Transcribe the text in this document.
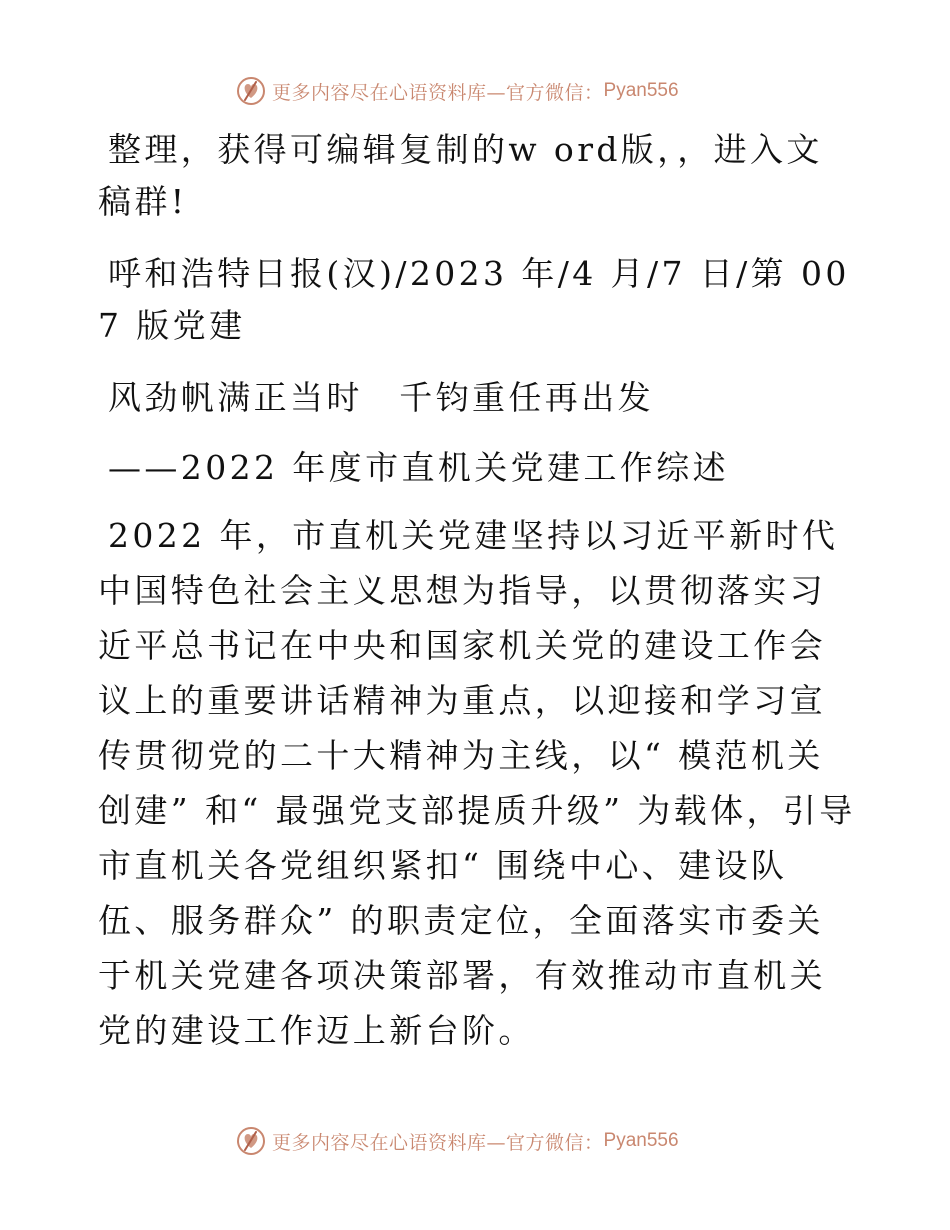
更多内容尽在心语资料库—官方微信： Pyan556

整理，获得可编辑复制的w ord版，，进入文稿群!

呼和浩特日报(汉)/2023 年/4 月/7 日/第 007 版党建

风劲帆满正当时　千钧重任再出发

——2022 年度市直机关党建工作综述

2022 年，市直机关党建坚持以习近平新时代中国特色社会主义思想为指导，以贯彻落实习近平总书记在中央和国家机关党的建设工作会议上的重要讲话精神为重点，以迎接和学习宣传贯彻党的二十大精神为主线，以“ 模范机关创建” 和“ 最强党支部提质升级” 为载体，引导市直机关各党组织紧扣“ 围绕中心、建设队伍、服务群众” 的职责定位，全面落实市委关于机关党建各项决策部署，有效推动市直机关党的建设工作迈上新台阶。

更多内容尽在心语资料库—官方微信： Pyan556
